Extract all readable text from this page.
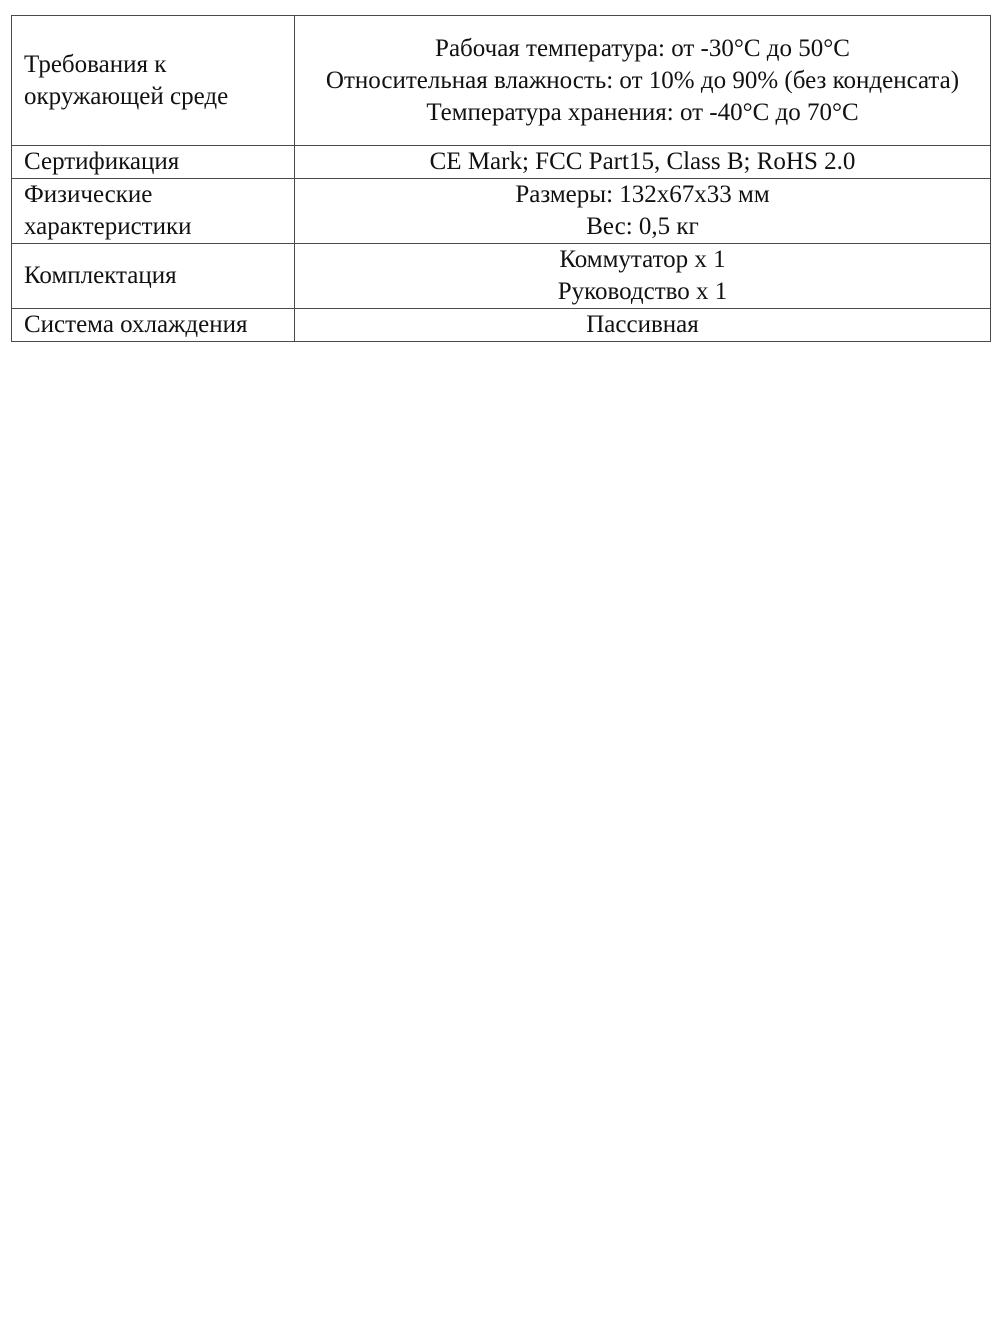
Требования к окружающей среде	Рабочая температура: от -30°C до 50°C
Относительная влажность: от 10% до 90% (без конденсата)
Температура хранения: от -40°C до 70°C

Сертификация	CE Mark; FCC Part15, Class B; RoHS 2.0

Физические характеристики	Размеры: 132x67x33 мм
Вес: 0,5 кг

Комплектация	Коммутатор х 1
Руководство х 1

Система охлаждения	Пассивная
